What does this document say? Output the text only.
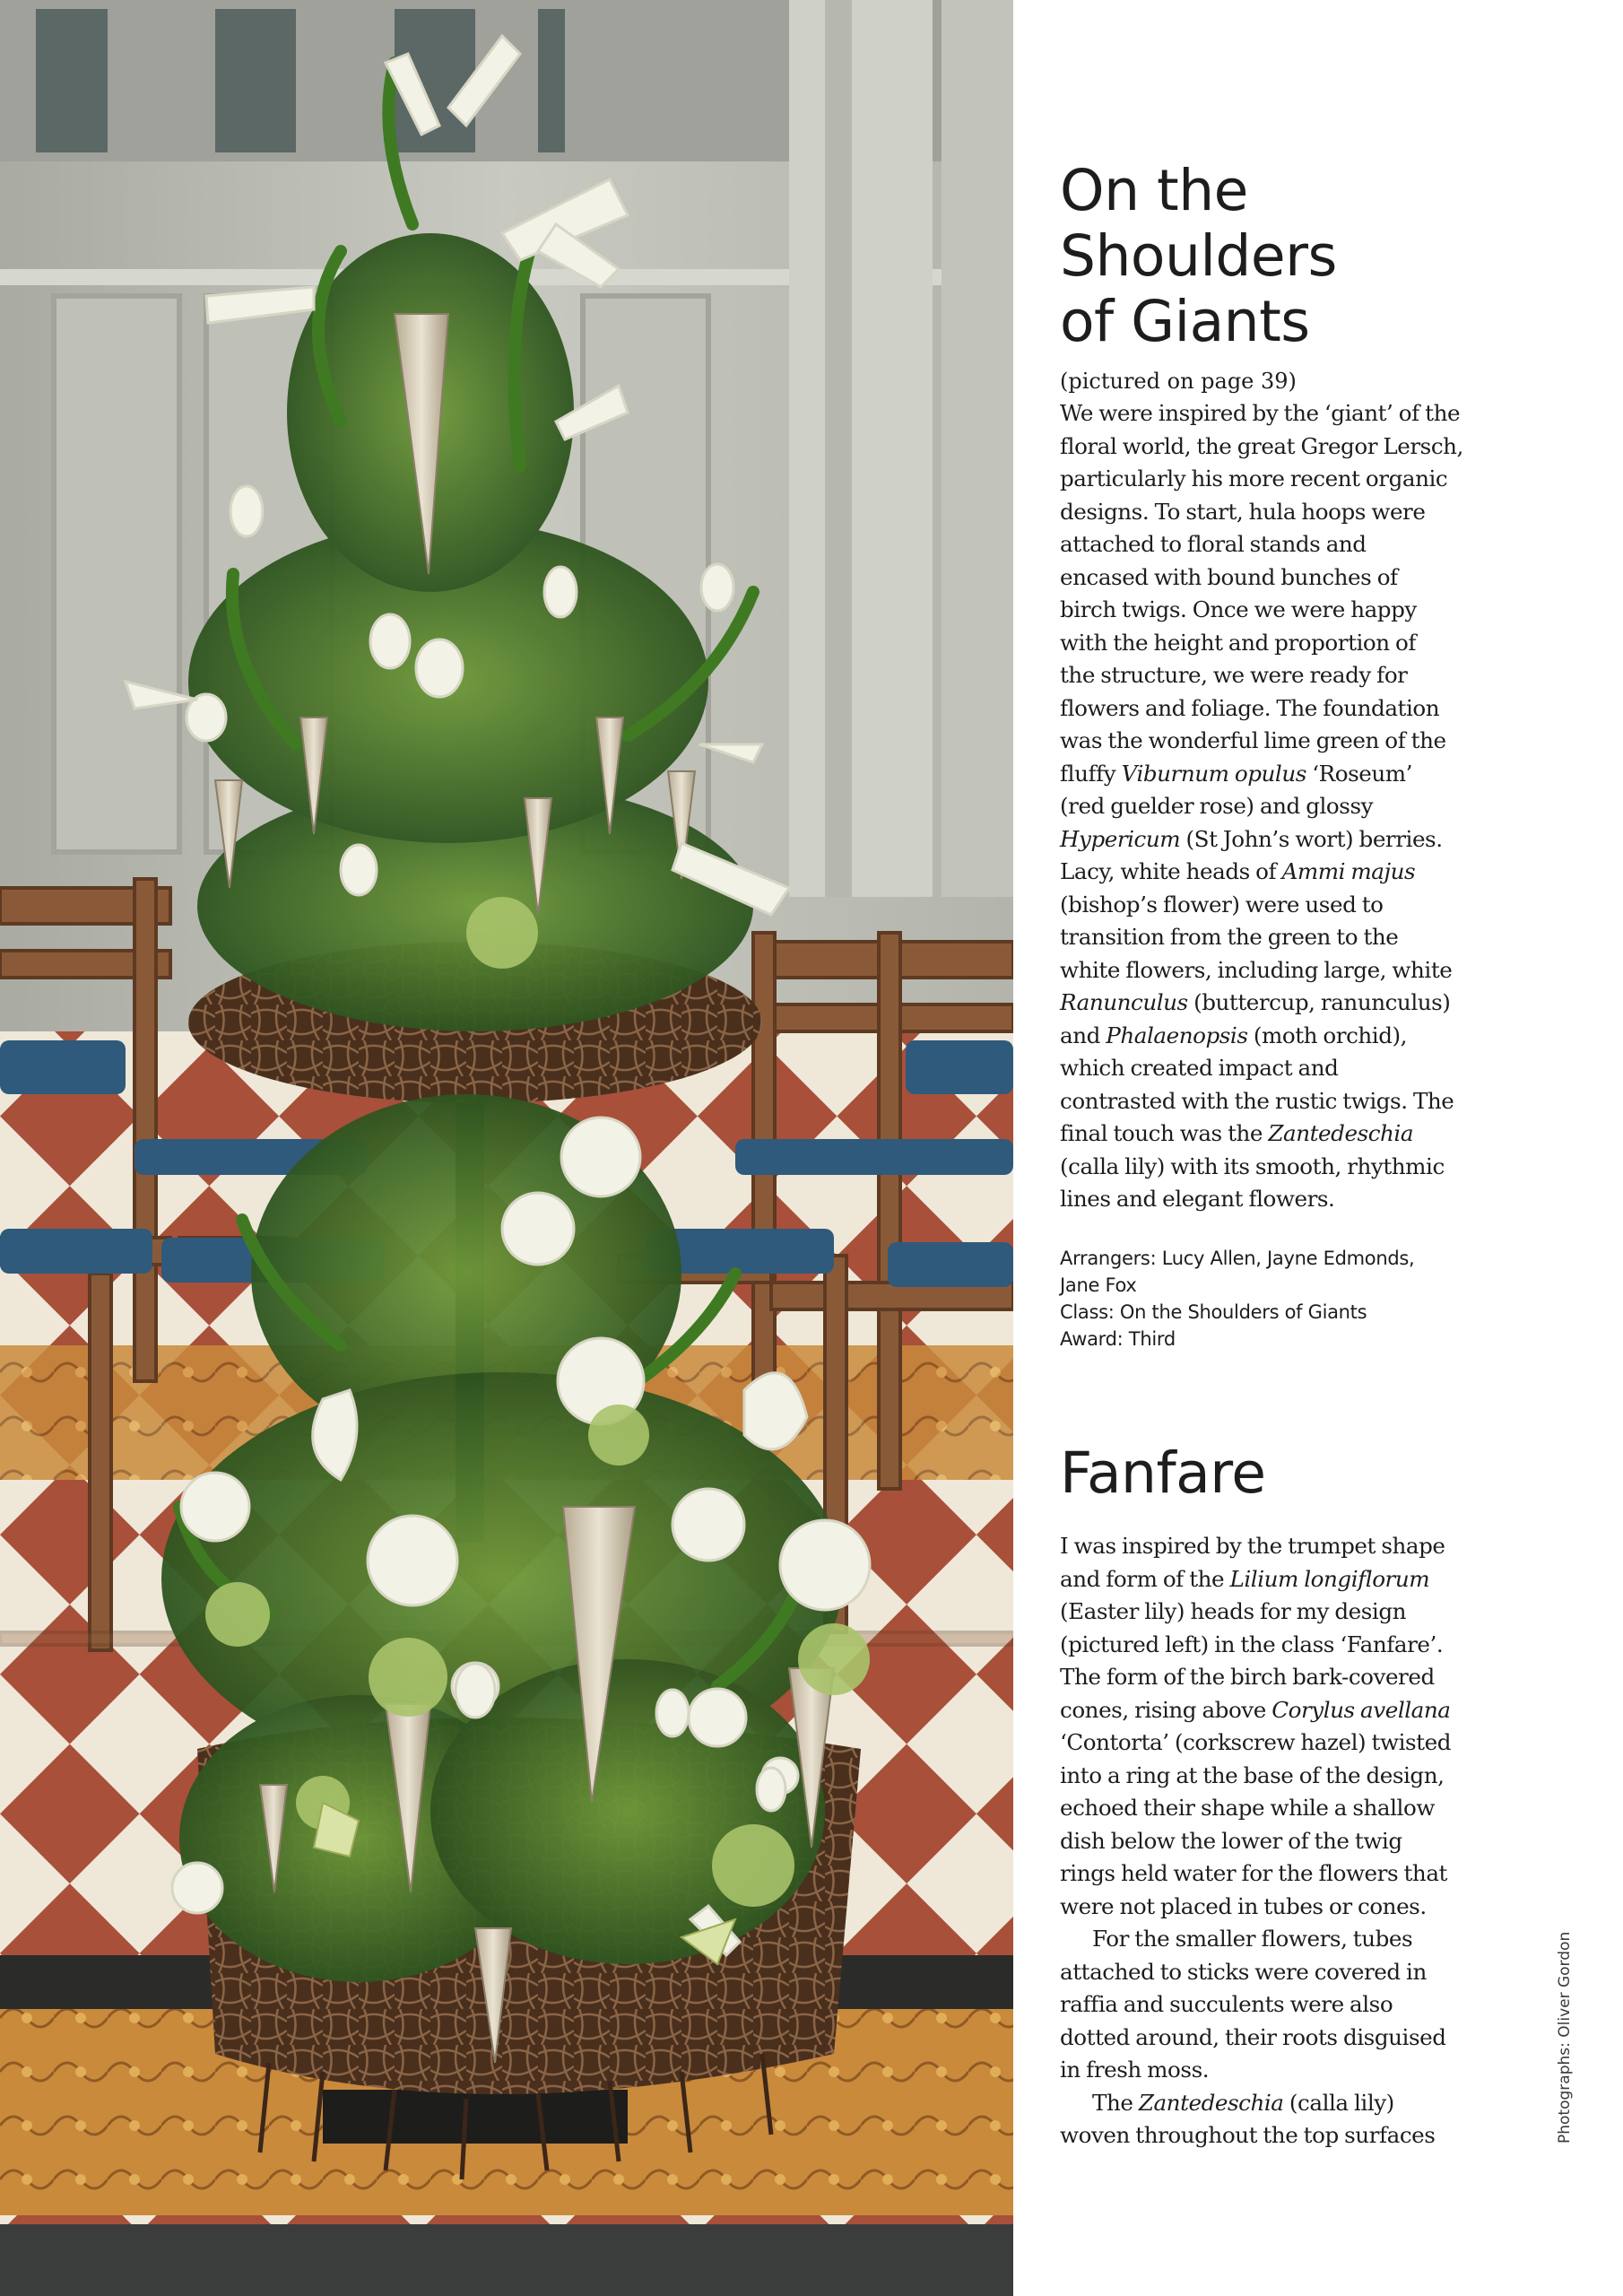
On the
Shoulders
of Giants

(pictured on page 39)

We were inspired by the ‘giant’ of the
floral world, the great Gregor Lersch,
particularly his more recent organic
designs. To start, hula hoops were
attached to floral stands and
encased with bound bunches of
birch twigs. Once we were happy
with the height and proportion of
the structure, we were ready for
flowers and foliage. The foundation
was the wonderful lime green of the
fluffy Viburnum opulus ‘Roseum’
(red guelder rose) and glossy
Hypericum (St John’s wort) berries.
Lacy, white heads of Ammi majus
(bishop’s flower) were used to
transition from the green to the
white flowers, including large, white
Ranunculus (buttercup, ranunculus)
and Phalaenopsis (moth orchid),
which created impact and
contrasted with the rustic twigs. The
final touch was the Zantedeschia
(calla lily) with its smooth, rhythmic
lines and elegant flowers.
Arrangers: Lucy Allen, Jayne Edmonds,
Jane Fox
Class: On the Shoulders of Giants
Award: Third
Fanfare
I was inspired by the trumpet shape
and form of the Lilium longiflorum
(Easter lily) heads for my design
(pictured left) in the class ‘Fanfare’.
The form of the birch bark-covered
cones, rising above Corylus avellana
‘Contorta’ (corkscrew hazel) twisted
into a ring at the base of the design,
echoed their shape while a shallow
dish below the lower of the twig
rings held water for the flowers that
were not placed in tubes or cones.
For the smaller flowers, tubes
attached to sticks were covered in
raffia and succulents were also
dotted around, their roots disguised
in fresh moss.
The Zantedeschia (calla lily)
woven throughout the top surfaces	Photographs: Oliver Gordon
